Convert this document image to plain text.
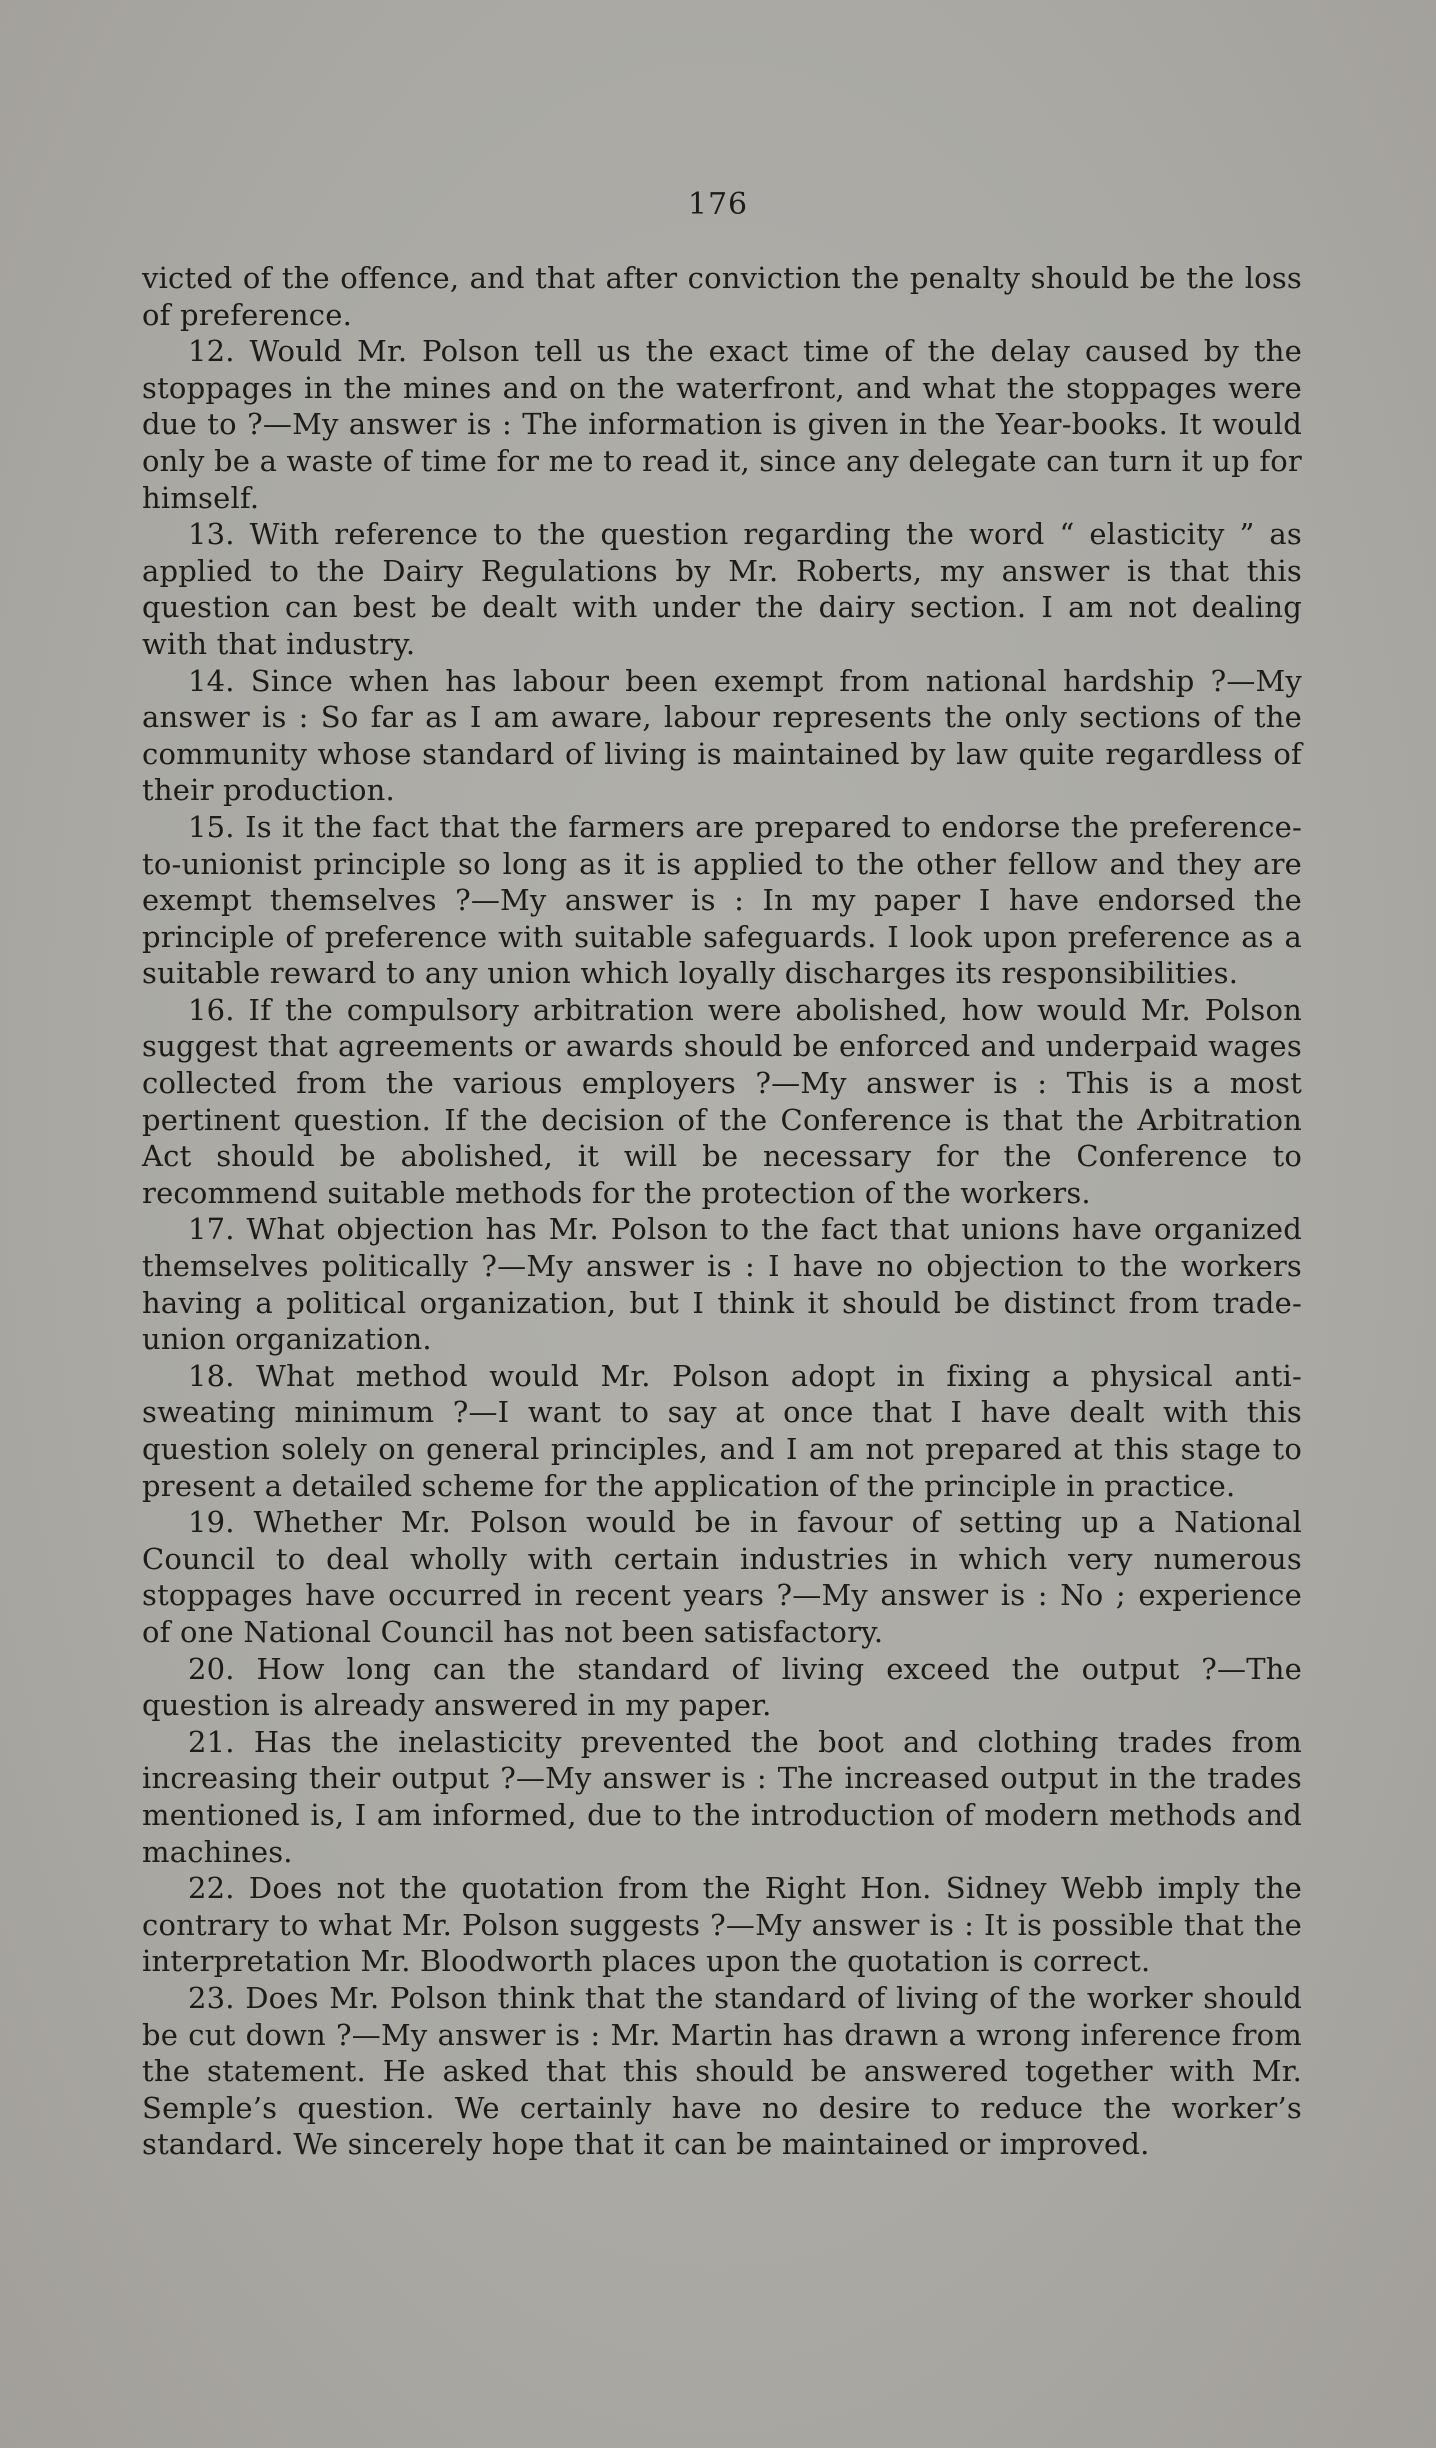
176

victed of the offence, and that after conviction the penalty should be the loss of preference.

12. Would Mr. Polson tell us the exact time of the delay caused by the stoppages in the mines and on the waterfront, and what the stoppages were due to ?—My answer is : The information is given in the Year-books. It would only be a waste of time for me to read it, since any delegate can turn it up for himself.

13. With reference to the question regarding the word “ elasticity ” as applied to the Dairy Regulations by Mr. Roberts, my answer is that this question can best be dealt with under the dairy section. I am not dealing with that industry.

14. Since when has labour been exempt from national hardship ?—My answer is : So far as I am aware, labour represents the only sections of the community whose standard of living is maintained by law quite regardless of their production.

15. Is it the fact that the farmers are prepared to endorse the preference-to-unionist principle so long as it is applied to the other fellow and they are exempt themselves ?—My answer is : In my paper I have endorsed the principle of preference with suitable safeguards. I look upon preference as a suitable reward to any union which loyally discharges its responsibilities.

16. If the compulsory arbitration were abolished, how would Mr. Polson suggest that agreements or awards should be enforced and underpaid wages collected from the various employers ?—My answer is : This is a most pertinent question. If the decision of the Conference is that the Arbitration Act should be abolished, it will be necessary for the Conference to recommend suitable methods for the protection of the workers.

17. What objection has Mr. Polson to the fact that unions have organized themselves politically ?—My answer is : I have no objection to the workers having a political organization, but I think it should be distinct from trade-union organization.

18. What method would Mr. Polson adopt in fixing a physical anti-sweating minimum ?—I want to say at once that I have dealt with this question solely on general principles, and I am not prepared at this stage to present a detailed scheme for the application of the principle in practice.

19. Whether Mr. Polson would be in favour of setting up a National Council to deal wholly with certain industries in which very numerous stoppages have occurred in recent years ?—My answer is : No ; experience of one National Council has not been satisfactory.

20. How long can the standard of living exceed the output ?—The question is already answered in my paper.

21. Has the inelasticity prevented the boot and clothing trades from increasing their output ?—My answer is : The increased output in the trades mentioned is, I am informed, due to the introduction of modern methods and machines.

22. Does not the quotation from the Right Hon. Sidney Webb imply the contrary to what Mr. Polson suggests ?—My answer is : It is possible that the interpretation Mr. Bloodworth places upon the quotation is correct.

23. Does Mr. Polson think that the standard of living of the worker should be cut down ?—My answer is : Mr. Martin has drawn a wrong inference from the statement. He asked that this should be answered together with Mr. Semple’s question. We certainly have no desire to reduce the worker’s standard. We sincerely hope that it can be maintained or improved.
